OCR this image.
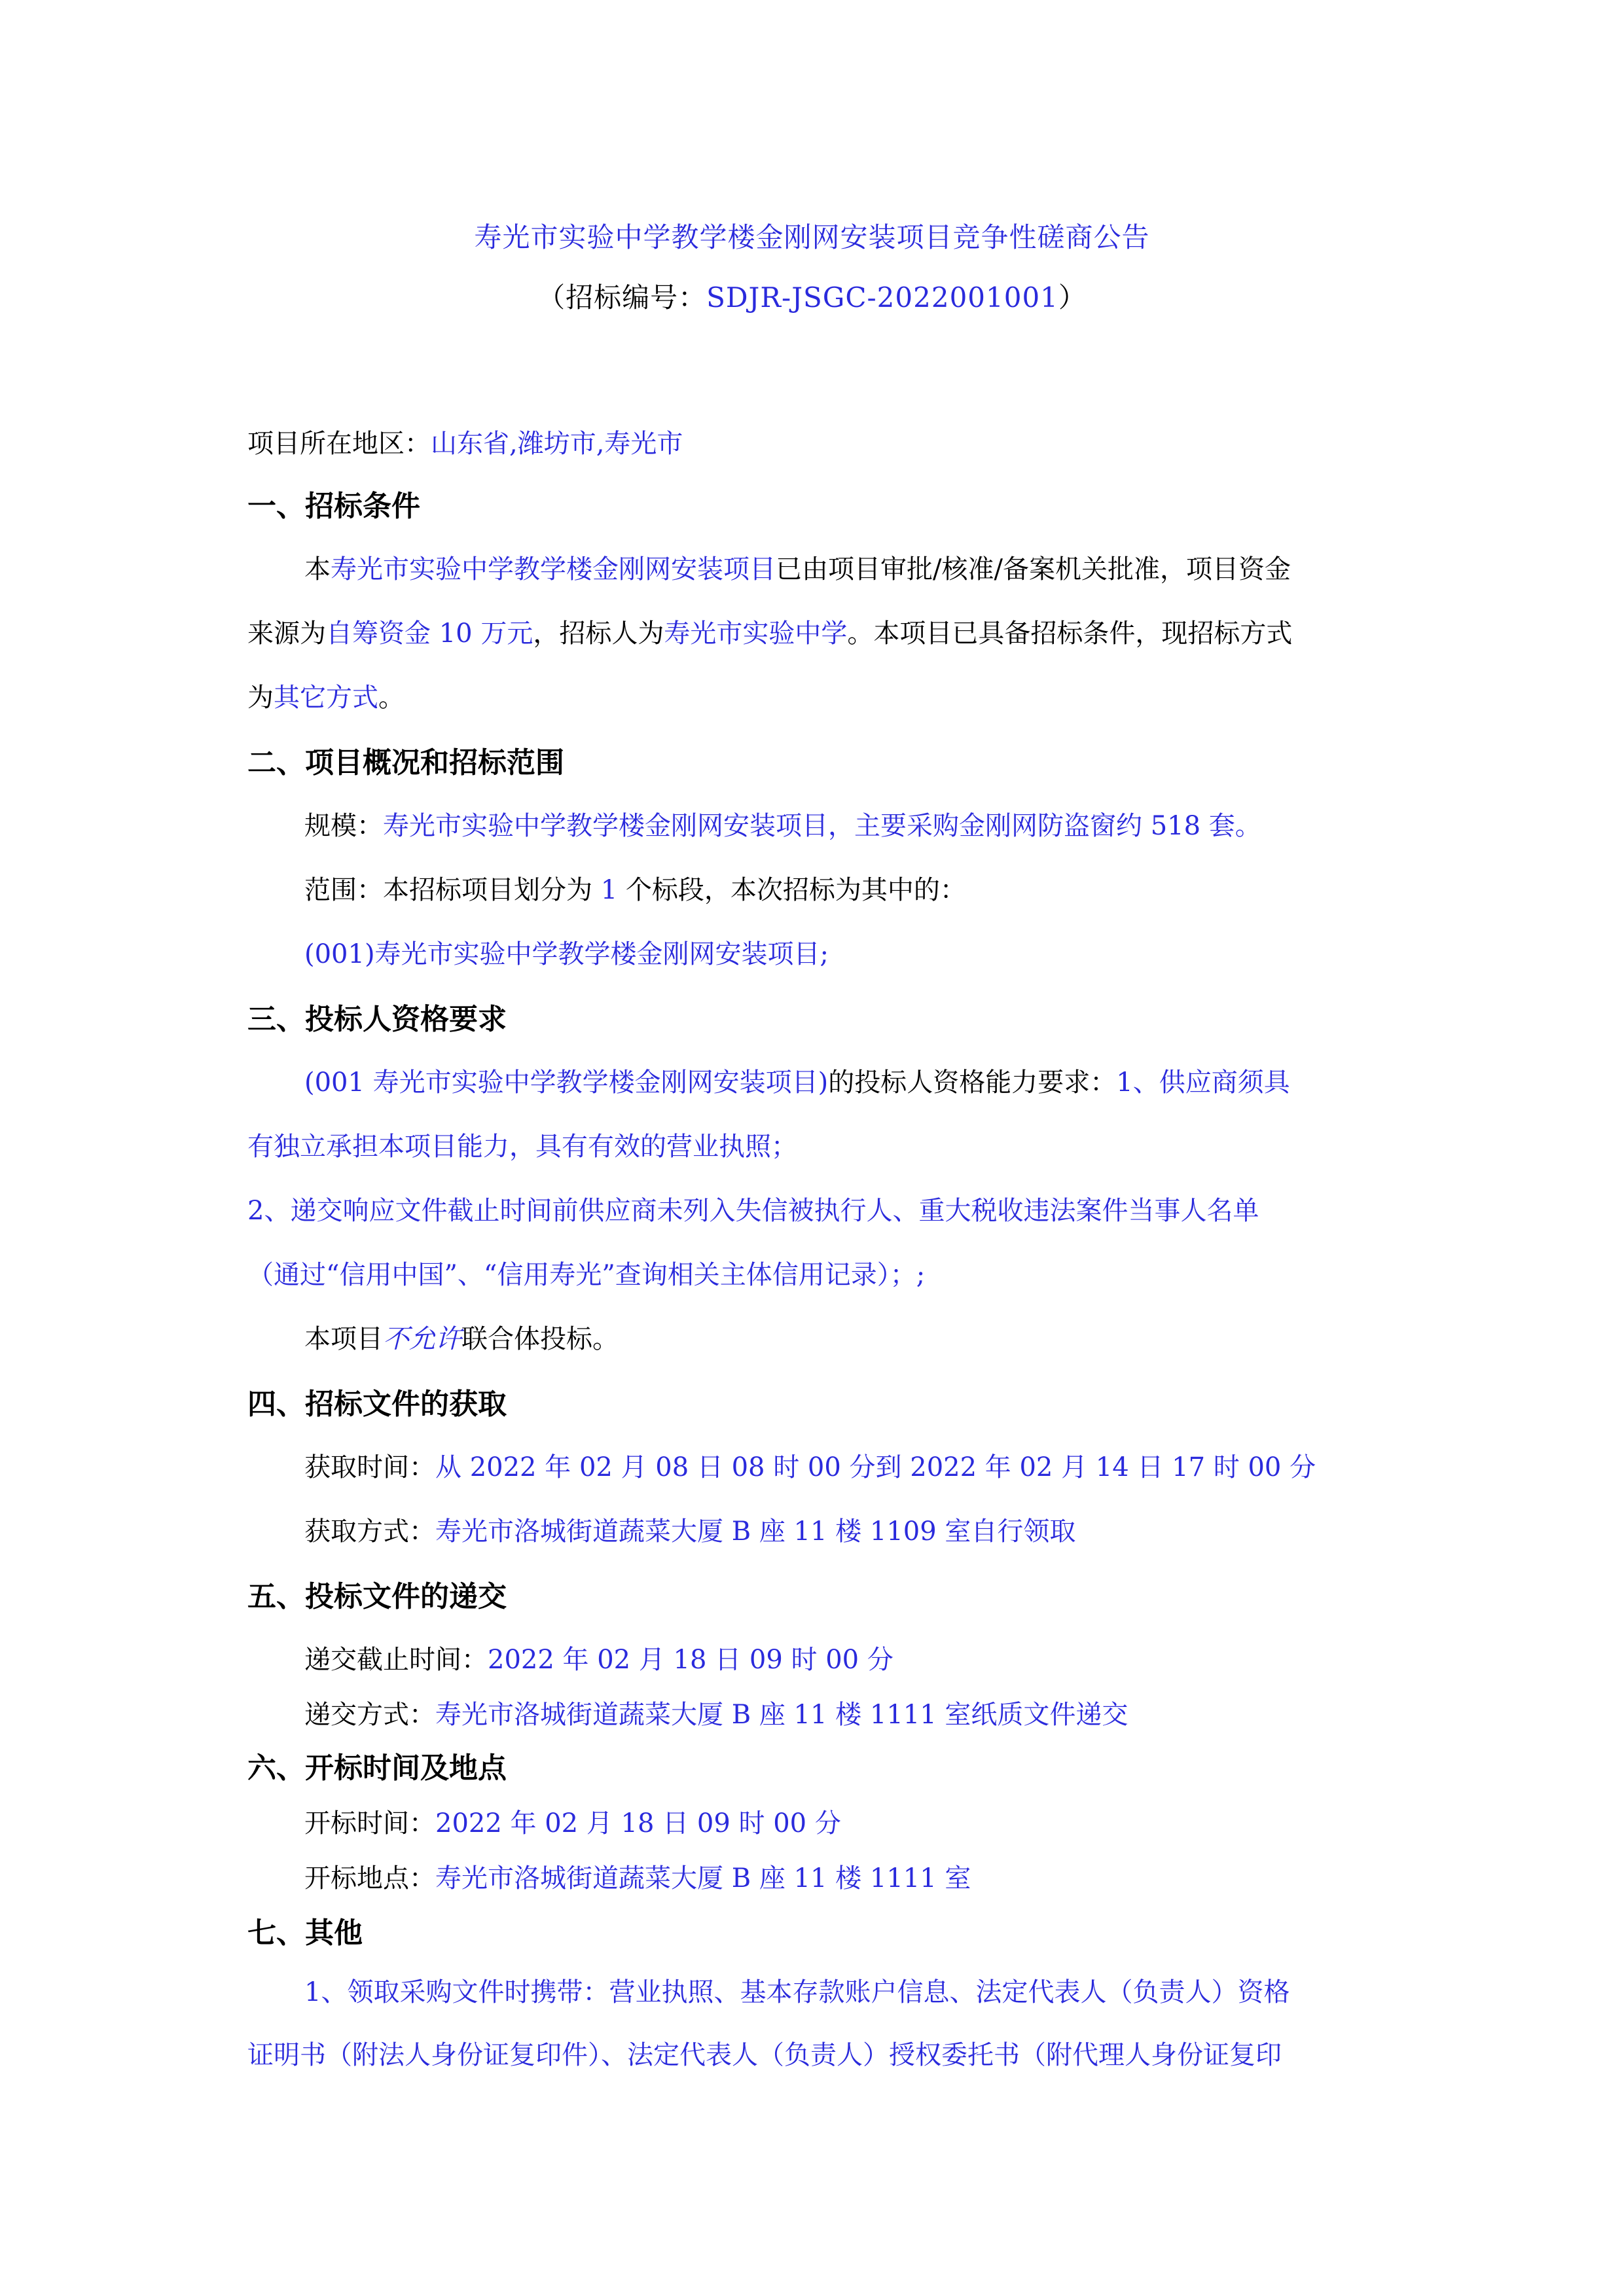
寿光市实验中学教学楼金刚网安装项目竞争性磋商公告
（招标编号：SDJR-JSGC-2022001001）
项目所在地区：山东省,潍坊市,寿光市
一、招标条件
本寿光市实验中学教学楼金刚网安装项目已由项目审批/核准/备案机关批准，项目资金
来源为自筹资金 10 万元，招标人为寿光市实验中学。本项目已具备招标条件，现招标方式
为其它方式。
二、项目概况和招标范围
规模：寿光市实验中学教学楼金刚网安装项目，主要采购金刚网防盗窗约 518 套。
范围：本招标项目划分为 1 个标段，本次招标为其中的：
(001)寿光市实验中学教学楼金刚网安装项目;
三、投标人资格要求
(001 寿光市实验中学教学楼金刚网安装项目)的投标人资格能力要求：1、供应商须具
有独立承担本项目能力，具有有效的营业执照；
2、递交响应文件截止时间前供应商未列入失信被执行人、重大税收违法案件当事人名单
（通过“信用中国”、“信用寿光”查询相关主体信用记录）；;
本项目不允许联合体投标。
四、招标文件的获取
获取时间：从 2022 年 02 月 08 日 08 时 00 分到 2022 年 02 月 14 日 17 时 00 分
获取方式：寿光市洛城街道蔬菜大厦 B 座 11 楼 1109 室自行领取
五、投标文件的递交
递交截止时间：2022 年 02 月 18 日 09 时 00 分
递交方式：寿光市洛城街道蔬菜大厦 B 座 11 楼 1111 室纸质文件递交
六、开标时间及地点
开标时间：2022 年 02 月 18 日 09 时 00 分
开标地点：寿光市洛城街道蔬菜大厦 B 座 11 楼 1111 室
七、其他
1、领取采购文件时携带：营业执照、基本存款账户信息、法定代表人（负责人）资格
证明书（附法人身份证复印件）、法定代表人（负责人）授权委托书（附代理人身份证复印
